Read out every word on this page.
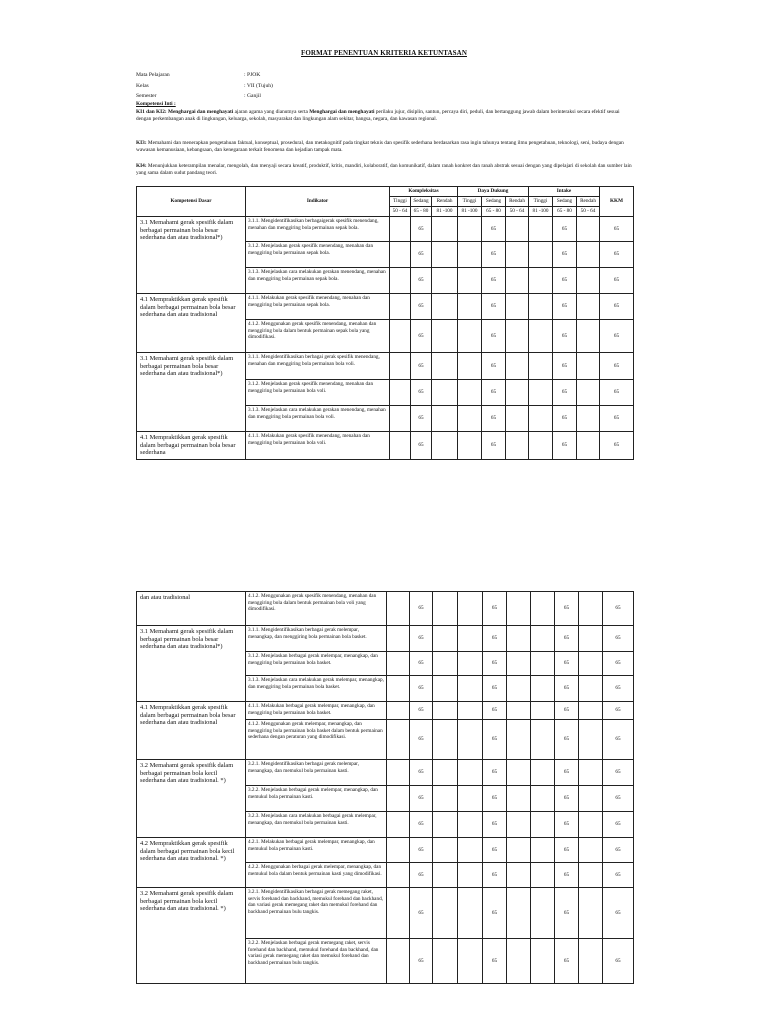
FORMAT PENENTUAN KRITERIA KETUNTASAN
Mata Pelajaran	: PJOK
Kelas	: VII (Tujuh)
Semester	: Ganjil
Kompetensi Inti :
KI1 dan KI2: Menghargai dan menghayati ajaran agama yang dianutnya serta Menghargai dan menghayati perilaku jujur, disiplin, santun, percaya diri, peduli, dan bertanggung jawab dalam berinteraksi secara efektif sesuai dengan perkembangan anak di lingkungan, keluarga, sekolah, masyarakat dan lingkungan alam sekitar, bangsa, negara, dan kawasan regional.
KI3: Memahami dan menerapkan pengetahuan faktual, konseptual, prosedural, dan metakognitif pada tingkat teknis dan spesifik sederhana berdasarkan rasa ingin tahunya tentang ilmu pengetahuan, teknologi, seni, budaya dengan wawasan kemanusiaan, kebangsaan, dan kenegaraan terkait fenomena dan kejadian tampak mata.
KI4: Menunjukkan keterampilan menalar, mengolah, dan menyaji secara kreatif, produktif, kritis, mandiri, kolaboratif, dan komunikatif, dalam ranah konkret dan ranah abstrak sesuai dengan yang dipelajari di sekolah dan sumber lain yang sama dalam sudut pandang teori.
Kompetensi Dasar	Indikator	Kompleksitas			Daya Dukung			Intake			KKM
		Tinggi	Sedang	Rendah	Tinggi	Sedang	Rendah	Tinggi	Sedang	Rendah	
		50 - 64	65 - 80	81 -100	81 -100	65 - 80	50 - 64	81 -100	65 - 80	50 - 64	
3.1 Memahami gerak spesifik dalam berbagai permainan bola besar sederhana dan atau tradisional*)	3.1.1. Mengidentifikasikan berbagaigerak spesifik menendang, menahan dan menggiring bola permainan sepak bola.		65			65			65		65
	3.1.2. Menjelaskan gerak spesifik menendang, menahan dan menggiring bola permainan sepak bola.		65			65			65		65
	3.1.3. Menjelaskan cara melakukan gerakan menendang, menahan dan menggiring bola permainan sepak bola.		65			65			65		65
4.1 Mempraktikkan gerak spesifik dalam berbagai permainan bola besar sederhana dan atau tradisional	4.1.1. Melakukan gerak spesifik menendang, menahan dan menggiring bola permainan sepak bola.		65			65			65		65
	4.1.2. Menggunakan gerak spesifik menendang, menahan dan menggiring bola dalam bentuk permainan sepak bola yang dimodifikasi.		65			65			65		65
3.1 Memahami gerak spesifik dalam berbagai permainan bola besar sederhana dan atau tradisional*)	3.1.1. Mengidentifikasikan berbagai gerak spesifik menendang, menahan dan menggiring bola permainan bola voli.		65			65			65		65
	3.1.2. Menjelaskan gerak spesifik menendang, menahan dan menggiring bola permainan bola voli.		65			65			65		65
	3.1.3. Menjelaskan cara melakukan gerakan menendang, menahan dan menggiring bola permainan bola voli.		65			65			65		65
4.1 Mempraktikkan gerak spesifik dalam berbagai permainan bola besar sederhana	4.1.1. Melakukan gerak spesifik menendang, menahan dan menggiring bola permainan bola voli.		65			65			65		65
dan atau tradisional	4.1.2. Menggunakan gerak spesifik menendang, menahan dan menggiring bola dalam bentuk permainan bola voli yang dimodifikasi.		65			65			65		65
3.1 Memahami gerak spesifik dalam berbagai permainan bola besar sederhana dan atau tradisional*)	3.1.1. Mengidentifikasikan berbagai gerak melempar, menangkap, dan menggiring bola permainan bola basket.		65			65			65		65
	3.1.2. Menjelaskan berbagai gerak melempar, menangkap, dan menggiring bola permainan bola basket.		65			65			65		65
	3.1.3. Menjelaskan cara melakukan gerak melempar, menangkap, dan menggiring bola permainan bola basket.		65			65			65		65
4.1 Mempraktikkan gerak spesifik dalam berbagai permainan bola besar sederhana dan atau tradisional	4.1.1. Melakukan berbagai gerak melempar, menangkap, dan menggiring bola permainan bola basket.		65			65			65		65
	4.1.2. Menggunakan gerak melempar, menangkap, dan menggiring bola permainan bola basket dalam bentuk permainan sederhana dengan peraturan yang dimodifikasi.		65			65			65		65
3.2 Memahami gerak spesifik dalam berbagai permainan bola kecil sederhana dan atau tradisional. *)	3.2.1. Mengidentifikasikan berbagai gerak melempar, menangkap, dan memukul bola permainan kasti.		65			65			65		65
	3.2.2. Menjelaskan berbagai gerak melempar, menangkap, dan memukul bola permainan kasti.		65			65			65		65
	3.2.3. Menjelaskan cara melakukan berbagai gerak melempar, menangkap, dan memukul bola permainan kasti.		65			65			65		65
4.2 Mempraktikkan gerak spesifik dalam berbagai permainan bola kecil sederhana dan atau tradisional. *)	4.2.1. Melakukan berbagai gerak melempar, menangkap, dan memukul bola permainan kasti.		65			65			65		65
	4.2.2. Menggunakan berbagai gerak melempar, menangkap, dan memukul bola dalam bentuk permainan kasti yang dimodifikasi.		65			65			65		65
3.2 Memahami gerak spesifik dalam berbagai permainan bola kecil sederhana dan atau tradisional. *)	3.2.1. Mengidentifikasikan berbagai gerak memegang raket, servis forehand dan backhand, memukul forehand dan backhand, dan variasi gerak memegang raket dan memukul forehand dan backhand permainan bulu tangkis.		65			65			65		65
	3.2.2. Menjelaskan berbagai gerak memegang raket, servis forehand dan backhand, memukul forehand dan backhand, dan variasi gerak memegang raket dan memukul forehand dan backhand permainan bulu tangkis.		65			65			65		65
